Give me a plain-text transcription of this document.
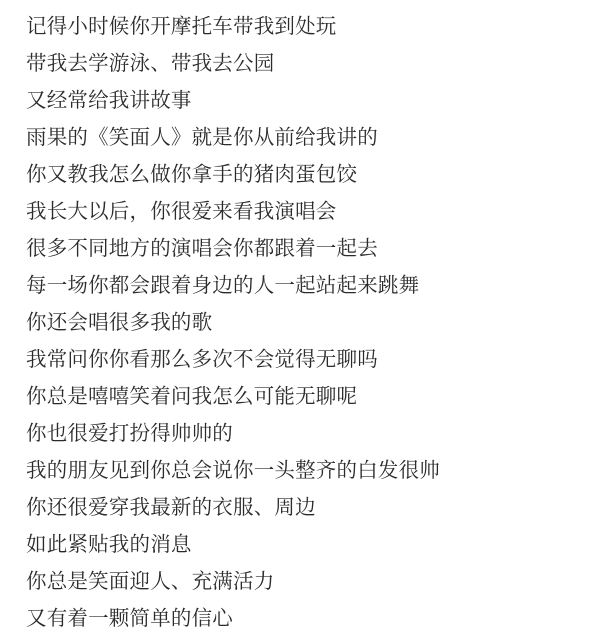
记得小时候你开摩托车带我到处玩
带我去学游泳、带我去公园
又经常给我讲故事
雨果的《笑面人》就是你从前给我讲的
你又教我怎么做你拿手的猪肉蛋包饺
我长大以后，你很爱来看我演唱会
很多不同地方的演唱会你都跟着一起去
每一场你都会跟着身边的人一起站起来跳舞
你还会唱很多我的歌
我常问你你看那么多次不会觉得无聊吗
你总是嘻嘻笑着问我怎么可能无聊呢
你也很爱打扮得帅帅的
我的朋友见到你总会说你一头整齐的白发很帅
你还很爱穿我最新的衣服、周边
如此紧贴我的消息
你总是笑面迎人、充满活力
又有着一颗简单的信心
